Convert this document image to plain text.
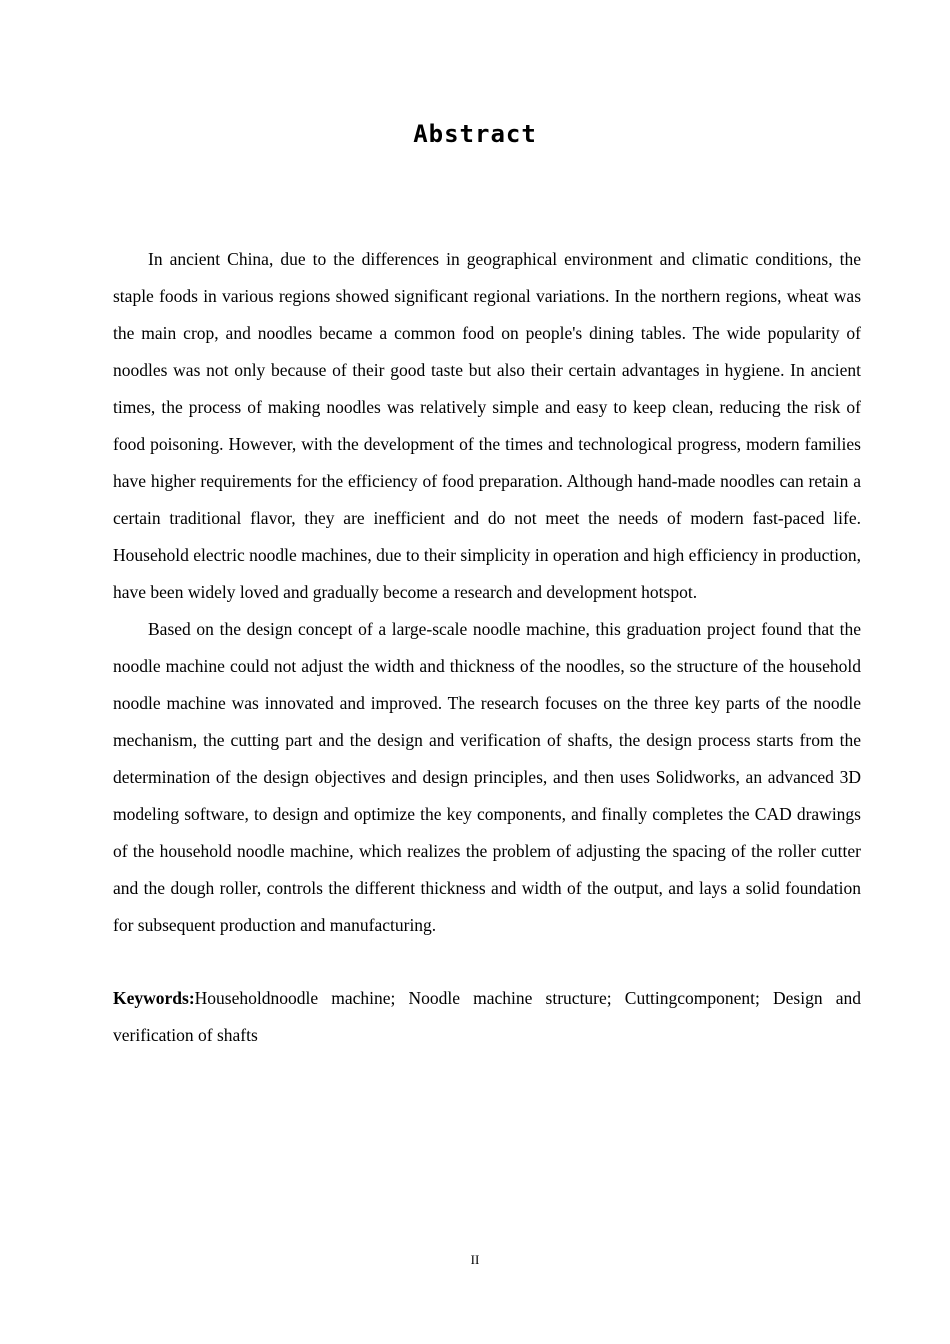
Abstract

In ancient China, due to the differences in geographical environment and climatic conditions, the staple foods in various regions showed significant regional variations. In the northern regions, wheat was the main crop, and noodles became a common food on people's dining tables. The wide popularity of noodles was not only because of their good taste but also their certain advantages in hygiene. In ancient times, the process of making noodles was relatively simple and easy to keep clean, reducing the risk of food poisoning. However, with the development of the times and technological progress, modern families have higher requirements for the efficiency of food preparation. Although hand-made noodles can retain a certain traditional flavor, they are inefficient and do not meet the needs of modern fast-paced life. Household electric noodle machines, due to their simplicity in operation and high efficiency in production, have been widely loved and gradually become a research and development hotspot.

Based on the design concept of a large-scale noodle machine, this graduation project found that the noodle machine could not adjust the width and thickness of the noodles, so the structure of the household noodle machine was innovated and improved. The research focuses on the three key parts of the noodle mechanism, the cutting part and the design and verification of shafts, the design process starts from the determination of the design objectives and design principles, and then uses Solidworks, an advanced 3D modeling software, to design and optimize the key components, and finally completes the CAD drawings of the household noodle machine, which realizes the problem of adjusting the spacing of the roller cutter and the dough roller, controls the different thickness and width of the output, and lays a solid foundation for subsequent production and manufacturing.

Keywords:Householdnoodle machine; Noodle machine structure; Cuttingcomponent; Design and verification of shafts

II
